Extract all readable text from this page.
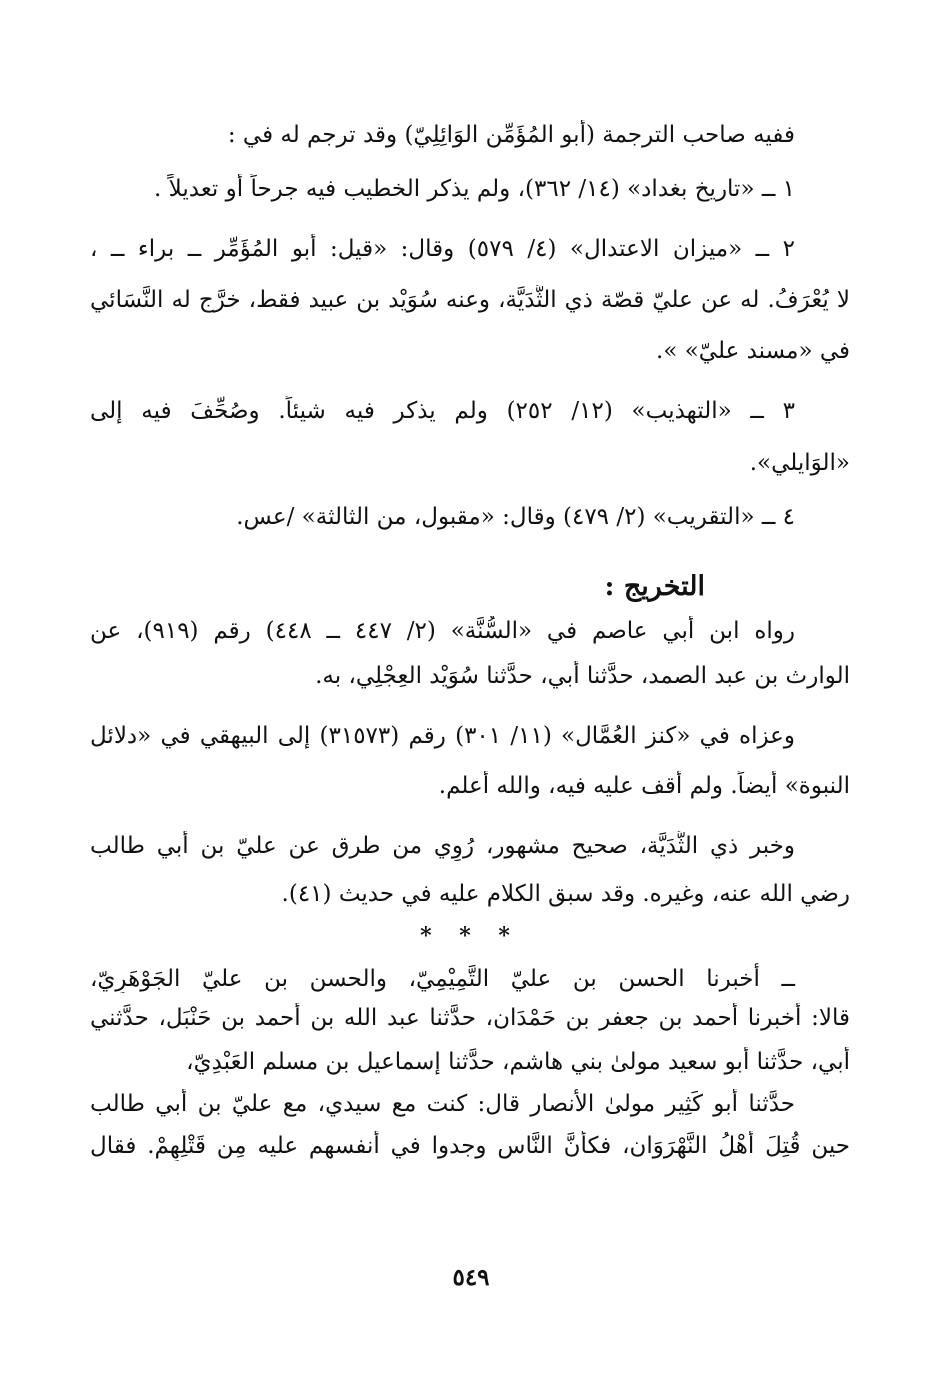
ففيه صاحب الترجمة (أبو المُؤَمِّن الوَائِلِيّ) وقد ترجم له في :
١ ــ «تاريخ بغداد» (١٤/ ٣٦٢)، ولم يذكر الخطيب فيه جرحاً أو تعديلاً .
٢ ــ «ميزان الاعتدال» (٤/ ٥٧٩) وقال: «قيل: أبو المُؤَمِّر ــ براء ــ ،
لا يُعْرَفُ. له عن عليّ قصّة ذي الثُّدَيَّة، وعنه سُوَيْد بن عبيد فقط، خرَّج له النَّسَائي
في «مسند عليّ» ».
٣ ــ «التهذيب» (١٢/ ٢٥٢) ولم يذكر فيه شيئاً. وصُحِّفَ فيه إلى
«الوَايلي».
٤ ــ «التقريب» (٢/ ٤٧٩) وقال: «مقبول، من الثالثة» /عس.
التخريج :
رواه ابن أبي عاصم في «السُّنَّة» (٢/ ٤٤٧ ــ ٤٤٨) رقم (٩١٩)، عن
الوارث بن عبد الصمد، حدَّثنا أبي، حدَّثنا سُوَيْد العِجْلِي، به.
وعزاه في «كنز العُمَّال» (١١/ ٣٠١) رقم (٣١٥٧٣) إلى البيهقي في «دلائل
النبوة» أيضاً. ولم أقف عليه فيه، والله أعلم.
وخبر ذي الثُّدَيَّة، صحيح مشهور، رُوِي من طرق عن عليّ بن أبي طالب
رضي الله عنه، وغيره. وقد سبق الكلام عليه في حديث (٤١).
* * *
ــ أخبرنا الحسن بن عليّ التَّمِيْمِيّ، والحسن بن عليّ الجَوْهَرِيّ،
قالا: أخبرنا أحمد بن جعفر بن حَمْدَان، حدَّثنا عبد الله بن أحمد بن حَنْبَل، حدَّثني
أبي، حدَّثنا أبو سعيد مولىٰ بني هاشم، حدَّثنا إسماعيل بن مسلم العَبْدِيّ،
حدَّثنا أبو كَثِير مولىٰ الأنصار قال: كنت مع سيدي، مع عليّ بن أبي طالب
حين قُتِلَ أَهْلُ النَّهْرَوَان، فكأنَّ النَّاس وجدوا في أنفسهم عليه مِن قَتْلِهِمْ. فقال
٥٤٩
